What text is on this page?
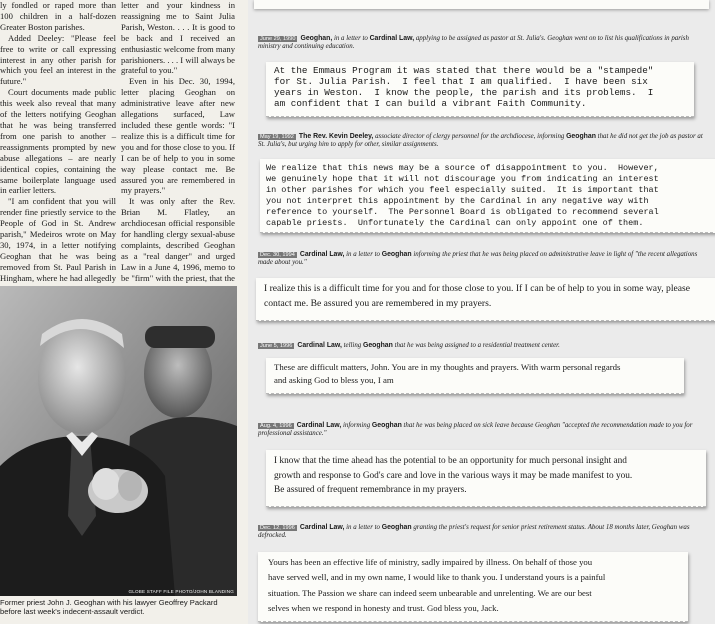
ly fondled or raped more than 100 children in a half-dozen Greater Boston parishes.

Added Deeley: "Please feel free to write or call expressing interest in any other parish for which you feel an interest in the future."

Court documents made public this week also reveal that many of the letters notifying Geoghan that he was being transferred from one parish to another – reassignments prompted by new abuse allegations – are nearly identical copies, containing the same boilerplate language used in earlier letters.

"I am confident that you will render fine priestly service to the People of God in St. Andrew parish," Medeiros wrote on May 30, 1974, in a letter notifying Geoghan that he was being removed from St. Paul Parish in Hingham, where he had allegedly

letter and your kindness in reassigning me to Saint Julia Parish, Weston. . . . It is good to be back and I received an enthusiastic welcome from many parishioners. . . . I will always be grateful to you."

Even in his Dec. 30, 1994, letter placing Geoghan on administrative leave after new allegations surfaced, Law included these gentle words: "I realize this is a difficult time for you and for those close to you. If I can be of help to you in some way please contact me. Be assured you are remembered in my prayers."

It was only after the Rev. Brian M. Flatley, an archdiocesan official responsible for handling clergy sexual-abuse complaints, described Geoghan as a "real danger" and urged Law in a June 4, 1996, memo to be "firm" with the priest, that the

GLOBE STAFF FILE PHOTO/JOHN BLANDING
Former priest John J. Geoghan with his lawyer Geoffrey Packard before last week's indecent-assault verdict.
June 29, 1990 Geoghan, in a letter to Cardinal Law, applying to be assigned as pastor at St. Julia's. Geoghan went on to list his qualifications in parish ministry and continuing education.
At the Emmaus Program it was stated that there would be a "stampede"
for St. Julia Parish.  I feel that I am qualified.  I have been six
years in Weston.  I know the people, the parish and its problems.  I
am confident that I can build a vibrant Faith Community.
May 19, 1992 The Rev. Kevin Deeley, associate director of clergy personnel for the archdiocese, informing Geoghan that he did not get the job as pastor at St. Julia's, but urging him to apply for other, similar assignments.
We realize that this news may be a source of disappointment to you.  However,
we genuinely hope that it will not discourage you from indicating an interest
in other parishes for which you feel especially suited.  It is important that
you not interpret this appointment by the Cardinal in any negative way with
reference to yourself.  The Personnel Board is obligated to recommend several
capable priests.  Unfortunately the Cardinal can only appoint one of them.
Dec. 30, 1994 Cardinal Law, in a letter to Geoghan informing the priest that he was being placed on administrative leave in light of "the recent allegations made about you."
I realize this is a difficult time for you and for those close to you. If I can be of help to you in some way, please
contact me. Be assured you are remembered in my prayers.
June 5, 1996 Cardinal Law, telling Geoghan that he was being assigned to a residential treatment center.
These are difficult matters, John. You are in my thoughts and prayers. With warm personal regards
and asking God to bless you, I am
Aug. 4, 1996 Cardinal Law, informing Geoghan that he was being placed on sick leave because Geoghan "accepted the recommendation made to you for professional assistance."
I know that the time ahead has the potential to be an opportunity for much personal insight and
growth and response to God's care and love in the various ways it may be made manifest to you.
Be assured of frequent remembrance in my prayers.
Dec. 12, 1996 Cardinal Law, in a letter to Geoghan granting the priest's request for senior priest retirement status. About 18 months later, Geoghan was defrocked.
Yours has been an effective life of ministry, sadly impaired by illness. On behalf of those you
have served well, and in my own name, I would like to thank you. I understand yours is a painful
situation. The Passion we share can indeed seem unbearable and unrelenting. We are our best
selves when we respond in honesty and trust. God bless you, Jack.
